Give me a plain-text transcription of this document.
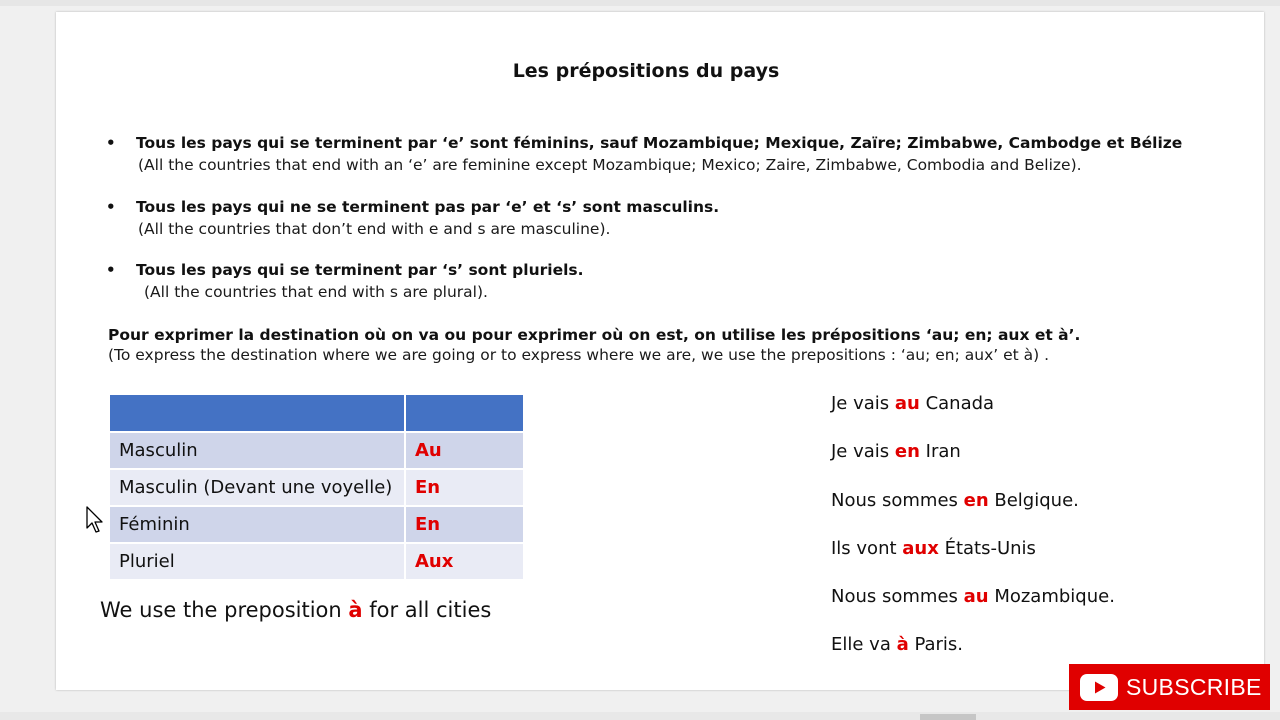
Les prépositions du pays
• Tous les pays qui se terminent par ‘e’ sont féminins, sauf Mozambique; Mexique, Zaïre; Zimbabwe, Cambodge et Bélize
(All the countries that end with an ‘e’ are feminine except Mozambique; Mexico; Zaire, Zimbabwe, Combodia and Belize).
• Tous les pays qui ne se terminent pas par ‘e’ et ‘s’ sont masculins.
(All the countries that don’t end with e and s are masculine).
• Tous les pays qui se terminent par ‘s’ sont pluriels.
(All the countries that end with s are plural).
Pour exprimer la destination où on va ou pour exprimer où on est, on utilise les prépositions ‘au; en; aux et à’.
(To express the destination where we are going or to express where we are, we use the prepositions : ‘au; en; aux’ et à) .

Masculin	Au
Masculin (Devant une voyelle)	En
Féminin	En
Pluriel	Aux
We use the preposition à for all cities
Je vais au Canada
Je vais en Iran
Nous sommes en Belgique.
Ils vont aux États-Unis
Nous sommes au Mozambique.
Elle va à Paris.
SUBSCRIBE
